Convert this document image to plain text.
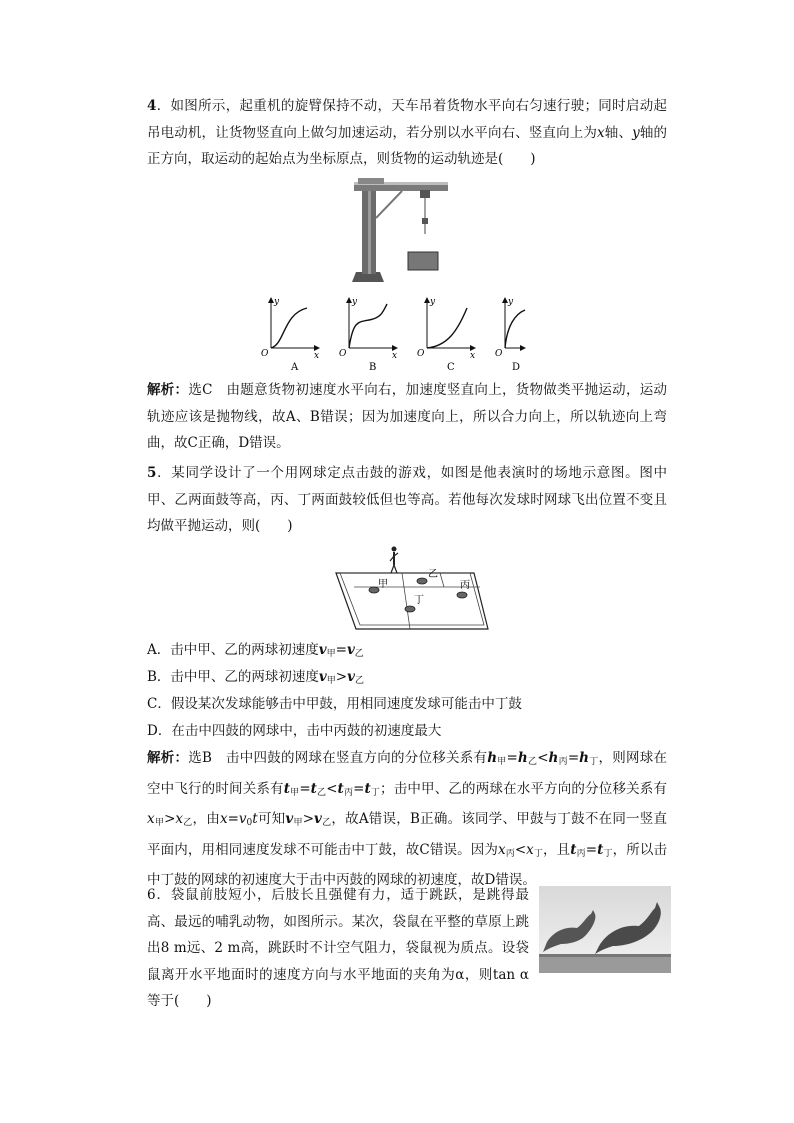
4．如图所示，起重机的旋臂保持不动，天车吊着货物水平向右匀速行驶；同时启动起吊电动机，让货物竖直向上做匀加速运动，若分别以水平向右、竖直向上为x轴、y轴的正方向，取运动的起始点为坐标原点，则货物的运动轨迹是(　　)
y
x
O
A
y
x
O
B
y
x
O
C
y
O
D
解析：选C　由题意货物初速度水平向右，加速度竖直向上，货物做类平抛运动，运动轨迹应该是抛物线，故A、B错误；因为加速度向上，所以合力向上，所以轨迹向上弯曲，故C正确，D错误。
5．某同学设计了一个用网球定点击鼓的游戏，如图是他表演时的场地示意图。图中甲、乙两面鼓等高，丙、丁两面鼓较低但也等高。若他每次发球时网球飞出位置不变且均做平抛运动，则(　　)
甲
乙
丙
丁
A．击中甲、乙的两球初速度$v_甲=v_乙$
B．击中甲、乙的两球初速度$v_甲>v_乙$
C．假设某次发球能够击中甲鼓，用相同速度发球可能击中丁鼓
D．在击中四鼓的网球中，击中丙鼓的初速度最大
解析：选B　击中四鼓的网球在竖直方向的分位移关系有$h_甲=h_乙<h_丙=h_丁$，则网球在空中飞行的时间关系有$t_甲=t_乙<t_丙=t_丁$；击中甲、乙的两球在水平方向的分位移关系有$x_甲>x_乙$，由$x=v_0t$可知$v_甲>v_乙$，故A错误，B正确。该同学、甲鼓与丁鼓不在同一竖直平面内，用相同速度发球不可能击中丁鼓，故C错误。因为$x_丙<x_丁$，且$t_丙=t_丁$，所以击中丁鼓的网球的初速度大于击中丙鼓的网球的初速度，故D错误。
6．袋鼠前肢短小，后肢长且强健有力，适于跳跃，是跳得最高、最远的哺乳动物，如图所示。某次，袋鼠在平整的草原上跳出8 m远、2 m高，跳跃时不计空气阻力，袋鼠视为质点。设袋鼠离开水平地面时的速度方向与水平地面的夹角为α，则tan α等于(　　)
